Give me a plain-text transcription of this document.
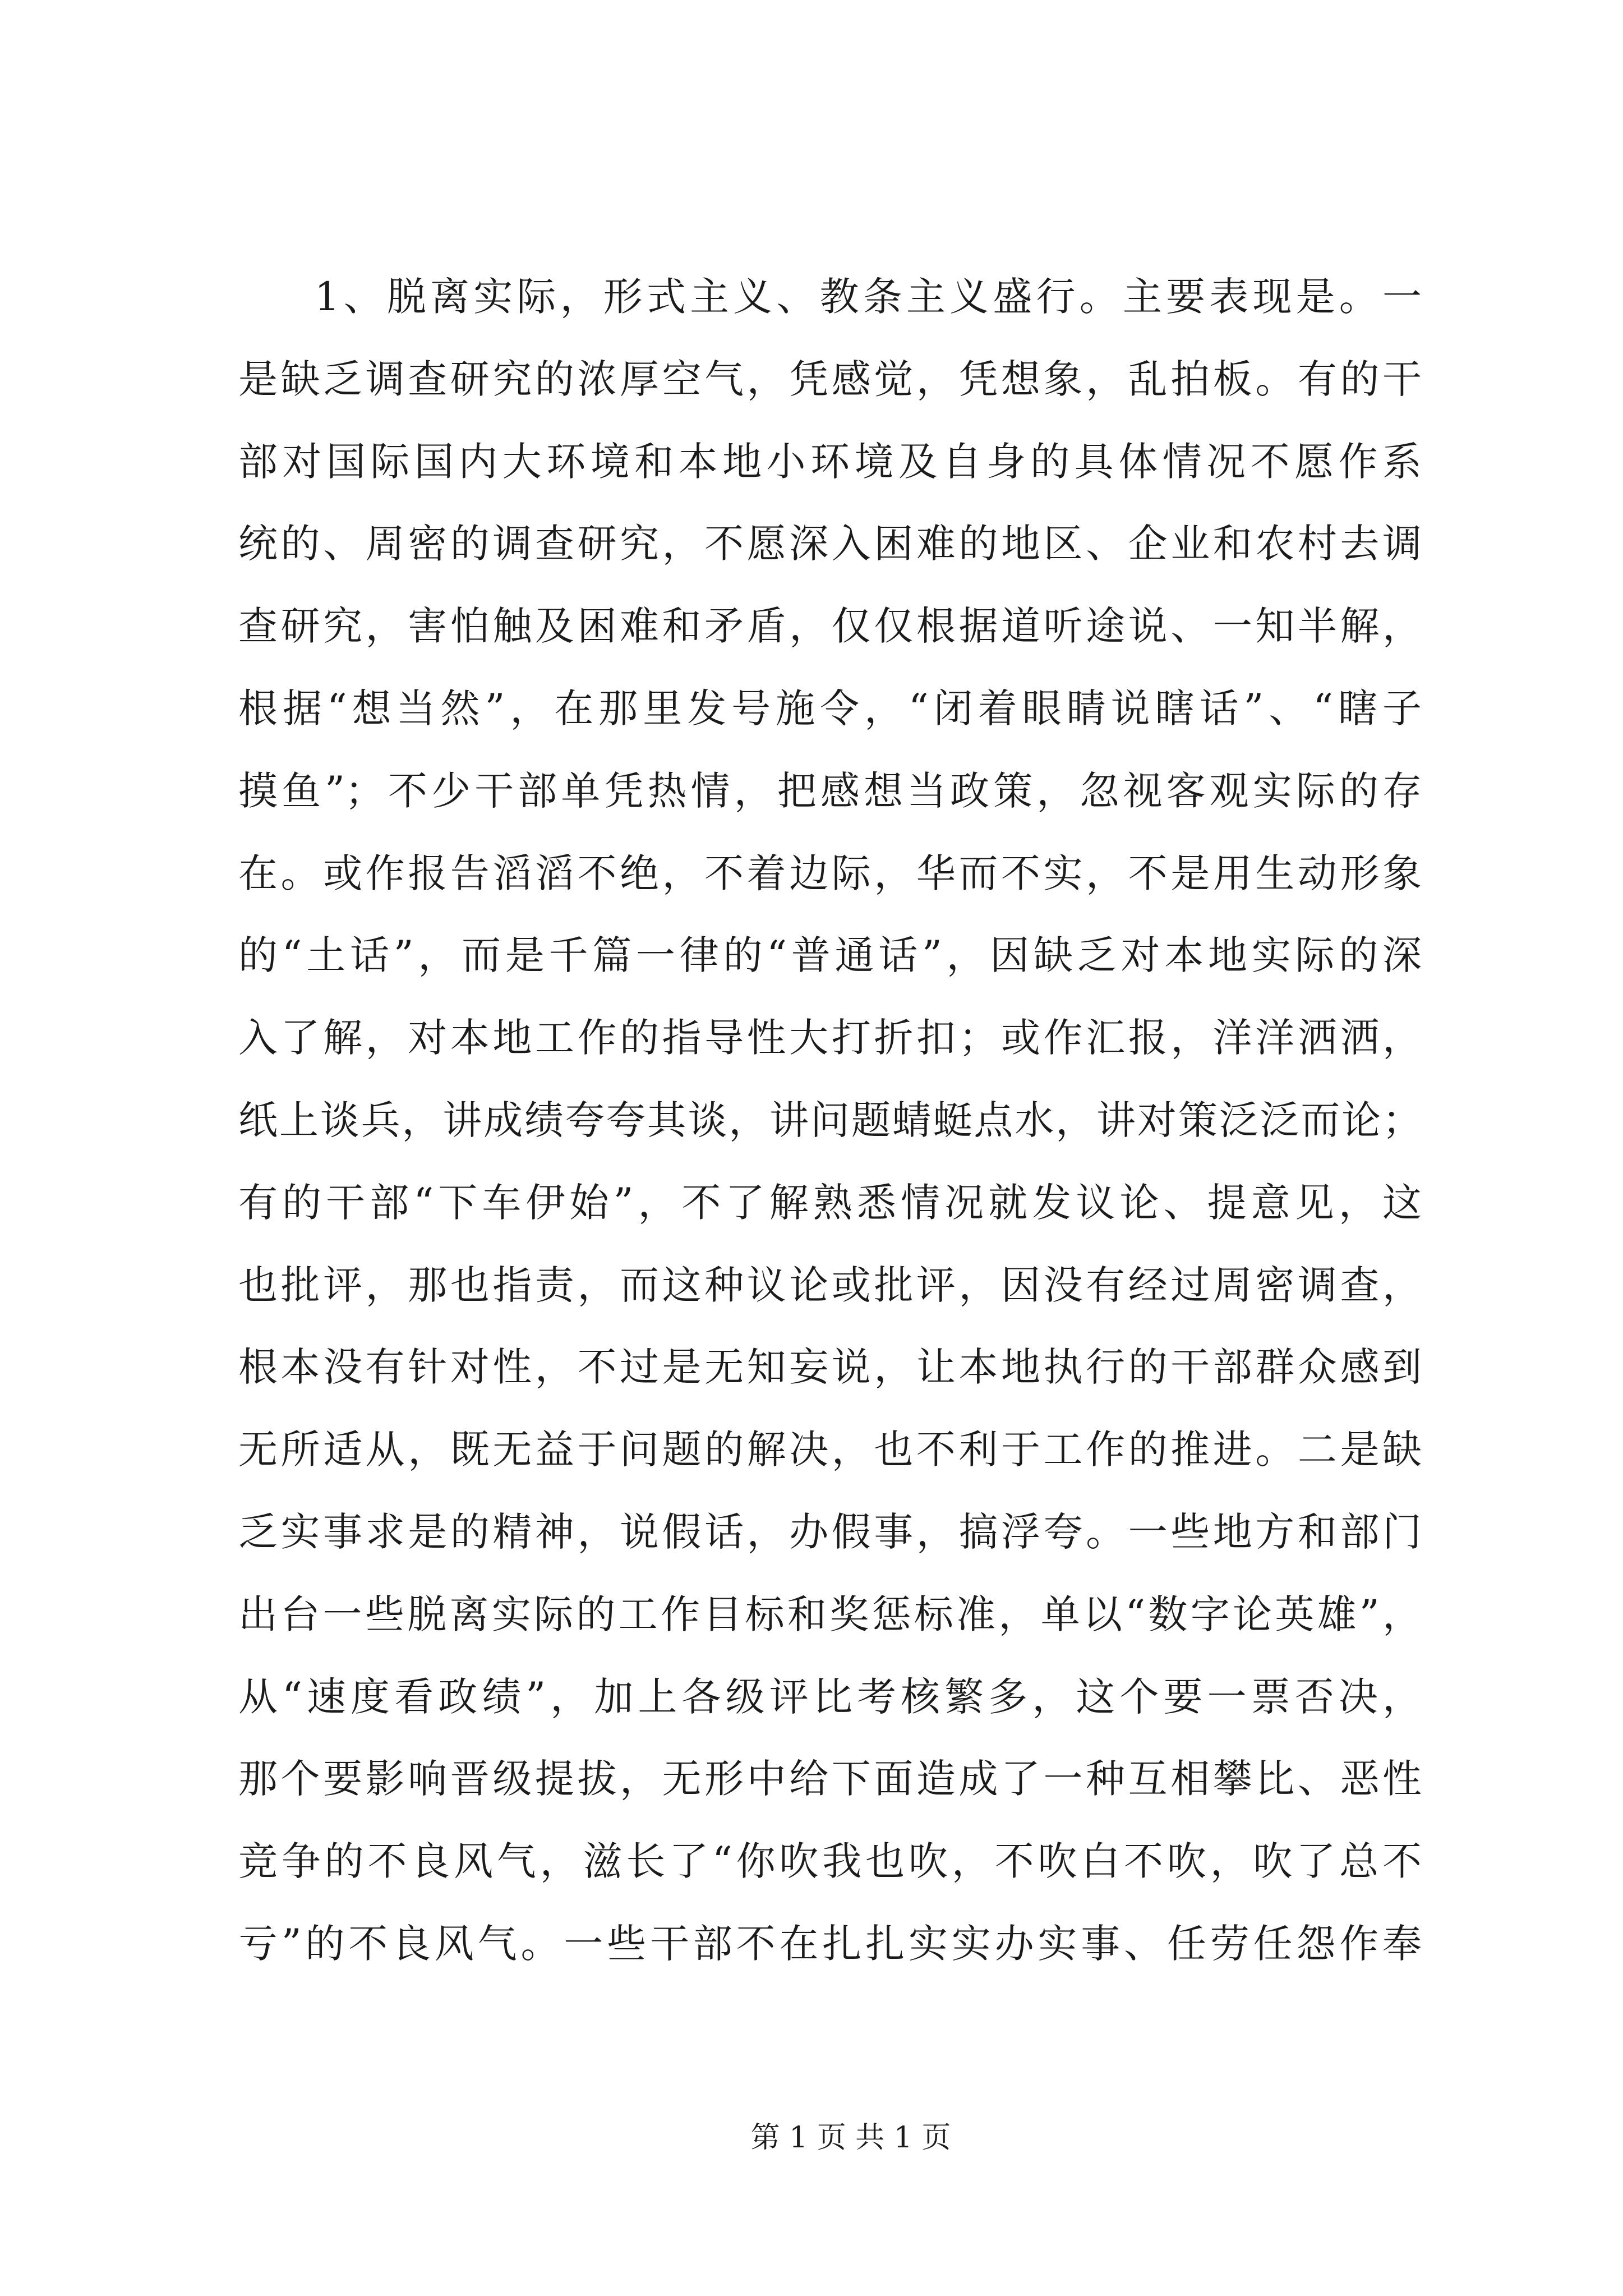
1、脱离实际，形式主义、教条主义盛行。主要表现是。一
是缺乏调查研究的浓厚空气，凭感觉，凭想象，乱拍板。有的干
部对国际国内大环境和本地小环境及自身的具体情况不愿作系
统的、周密的调查研究，不愿深入困难的地区、企业和农村去调
查研究，害怕触及困难和矛盾，仅仅根据道听途说、一知半解，
根据“想当然”，在那里发号施令，“闭着眼睛说瞎话”、“瞎子
摸鱼”；不少干部单凭热情，把感想当政策，忽视客观实际的存
在。或作报告滔滔不绝，不着边际，华而不实，不是用生动形象
的“土话”，而是千篇一律的“普通话”，因缺乏对本地实际的深
入了解，对本地工作的指导性大打折扣；或作汇报，洋洋洒洒，
纸上谈兵，讲成绩夸夸其谈，讲问题蜻蜓点水，讲对策泛泛而论；
有的干部“下车伊始”，不了解熟悉情况就发议论、提意见，这
也批评，那也指责，而这种议论或批评，因没有经过周密调查，
根本没有针对性，不过是无知妄说，让本地执行的干部群众感到
无所适从，既无益于问题的解决，也不利于工作的推进。二是缺
乏实事求是的精神，说假话，办假事，搞浮夸。一些地方和部门
出台一些脱离实际的工作目标和奖惩标准，单以“数字论英雄”，
从“速度看政绩”，加上各级评比考核繁多，这个要一票否决，
那个要影响晋级提拔，无形中给下面造成了一种互相攀比、恶性
竞争的不良风气，滋长了“你吹我也吹，不吹白不吹，吹了总不
亏”的不良风气。一些干部不在扎扎实实办实事、任劳任怨作奉
第 1 页 共 1 页
